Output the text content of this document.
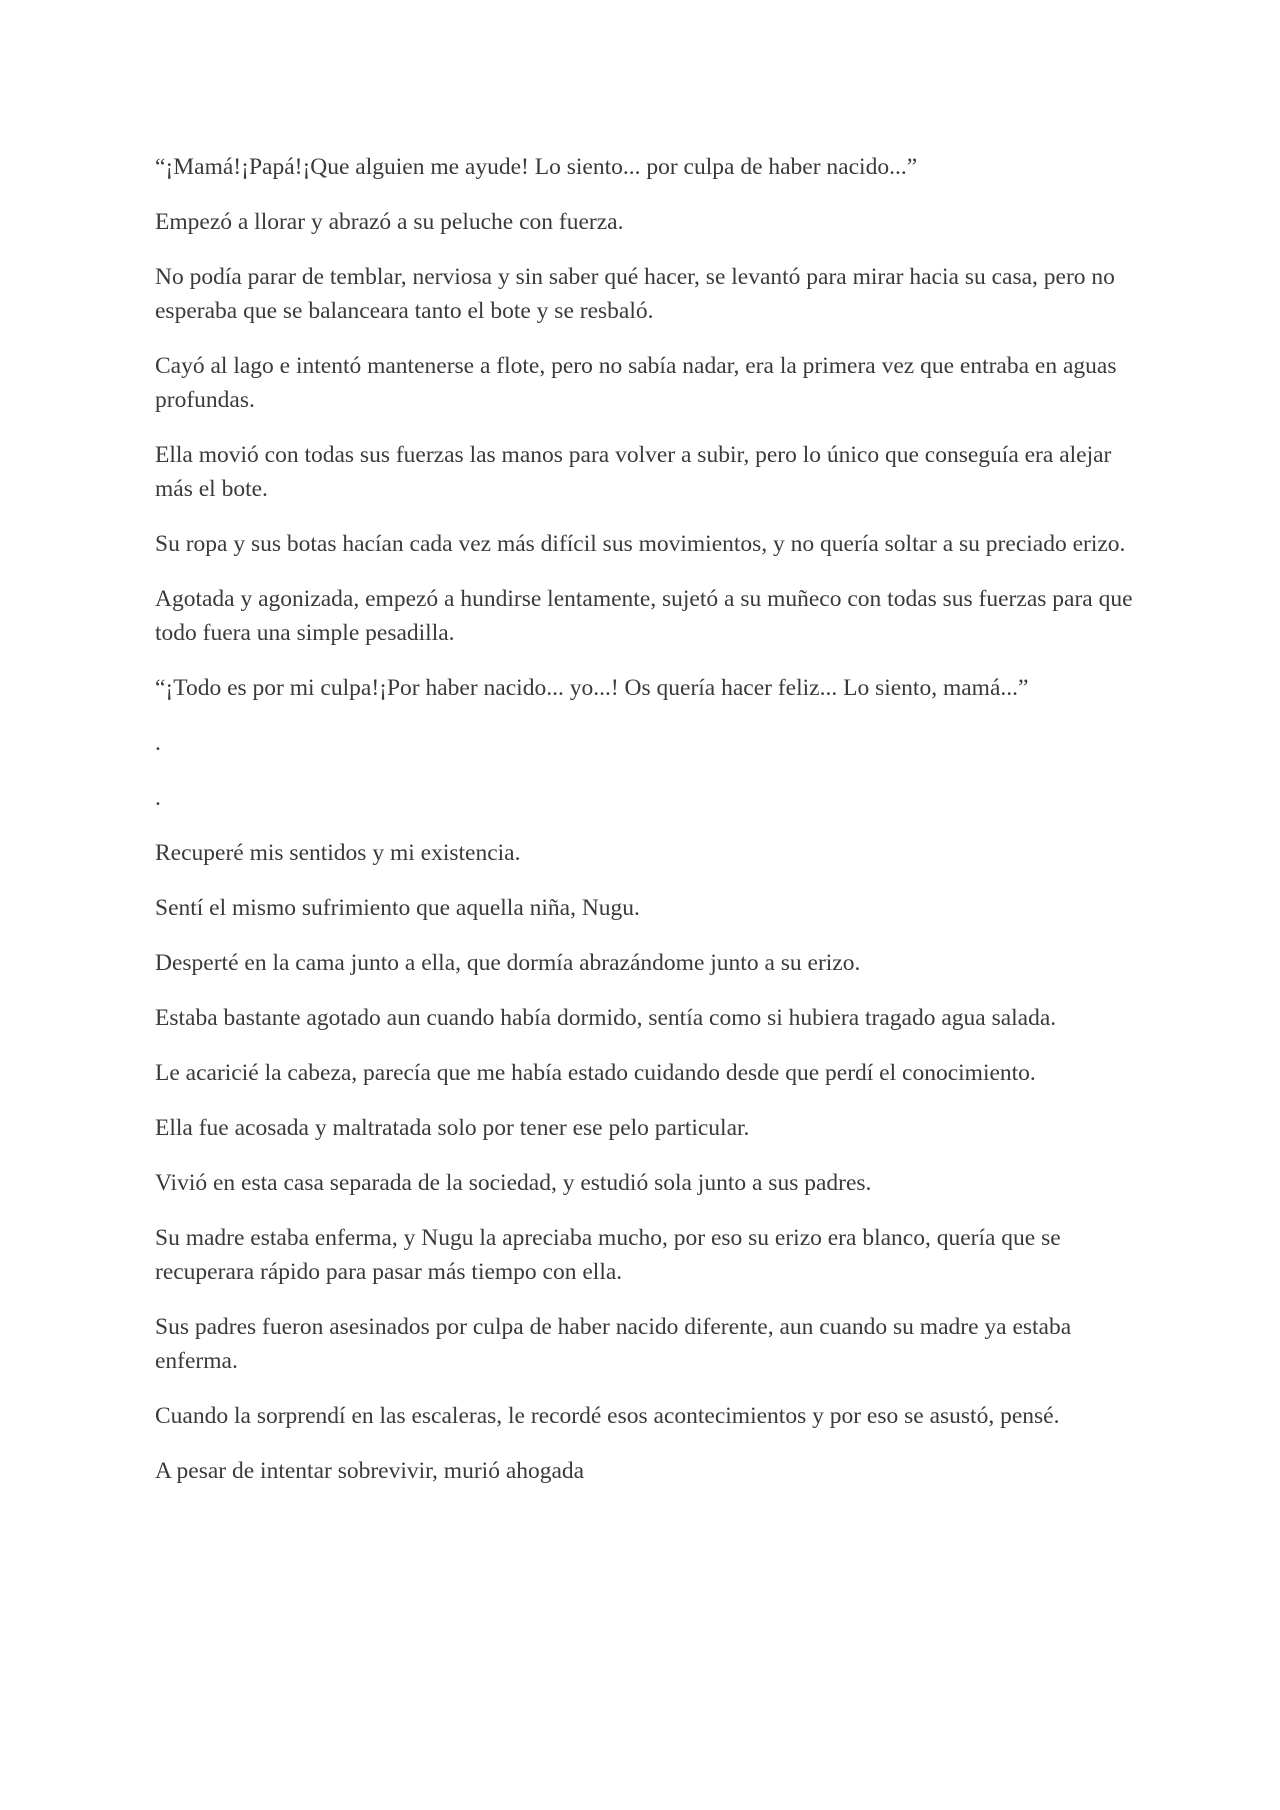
“¡Mamá!¡Papá!¡Que alguien me ayude! Lo siento... por culpa de haber nacido...”

Empezó a llorar y abrazó a su peluche con fuerza.

No podía parar de temblar, nerviosa y sin saber qué hacer, se levantó para mirar hacia su casa, pero no esperaba que se balanceara tanto el bote y se resbaló.

Cayó al lago e intentó mantenerse a flote, pero no sabía nadar, era la primera vez que entraba en aguas profundas.

Ella movió con todas sus fuerzas las manos para volver a subir, pero lo único que conseguía era alejar más el bote.

Su ropa y sus botas hacían cada vez más difícil sus movimientos, y no quería soltar a su preciado erizo.

Agotada y agonizada, empezó a hundirse lentamente, sujetó a su muñeco con todas sus fuerzas para que todo fuera una simple pesadilla.

“¡Todo es por mi culpa!¡Por haber nacido... yo...! Os quería hacer feliz... Lo siento, mamá...”

.

.

Recuperé mis sentidos y mi existencia.

Sentí el mismo sufrimiento que aquella niña, Nugu.

Desperté en la cama junto a ella, que dormía abrazándome junto a su erizo.

Estaba bastante agotado aun cuando había dormido, sentía como si hubiera tragado agua salada.

Le acaricié la cabeza, parecía que me había estado cuidando desde que perdí el conocimiento.

Ella fue acosada y maltratada solo por tener ese pelo particular.

Vivió en esta casa separada de la sociedad, y estudió sola junto a sus padres.

Su madre estaba enferma, y Nugu la apreciaba mucho, por eso su erizo era blanco, quería que se recuperara rápido para pasar más tiempo con ella.

Sus padres fueron asesinados por culpa de haber nacido diferente, aun cuando su madre ya estaba enferma.

Cuando la sorprendí en las escaleras, le recordé esos acontecimientos y por eso se asustó, pensé.

A pesar de intentar sobrevivir, murió ahogada
